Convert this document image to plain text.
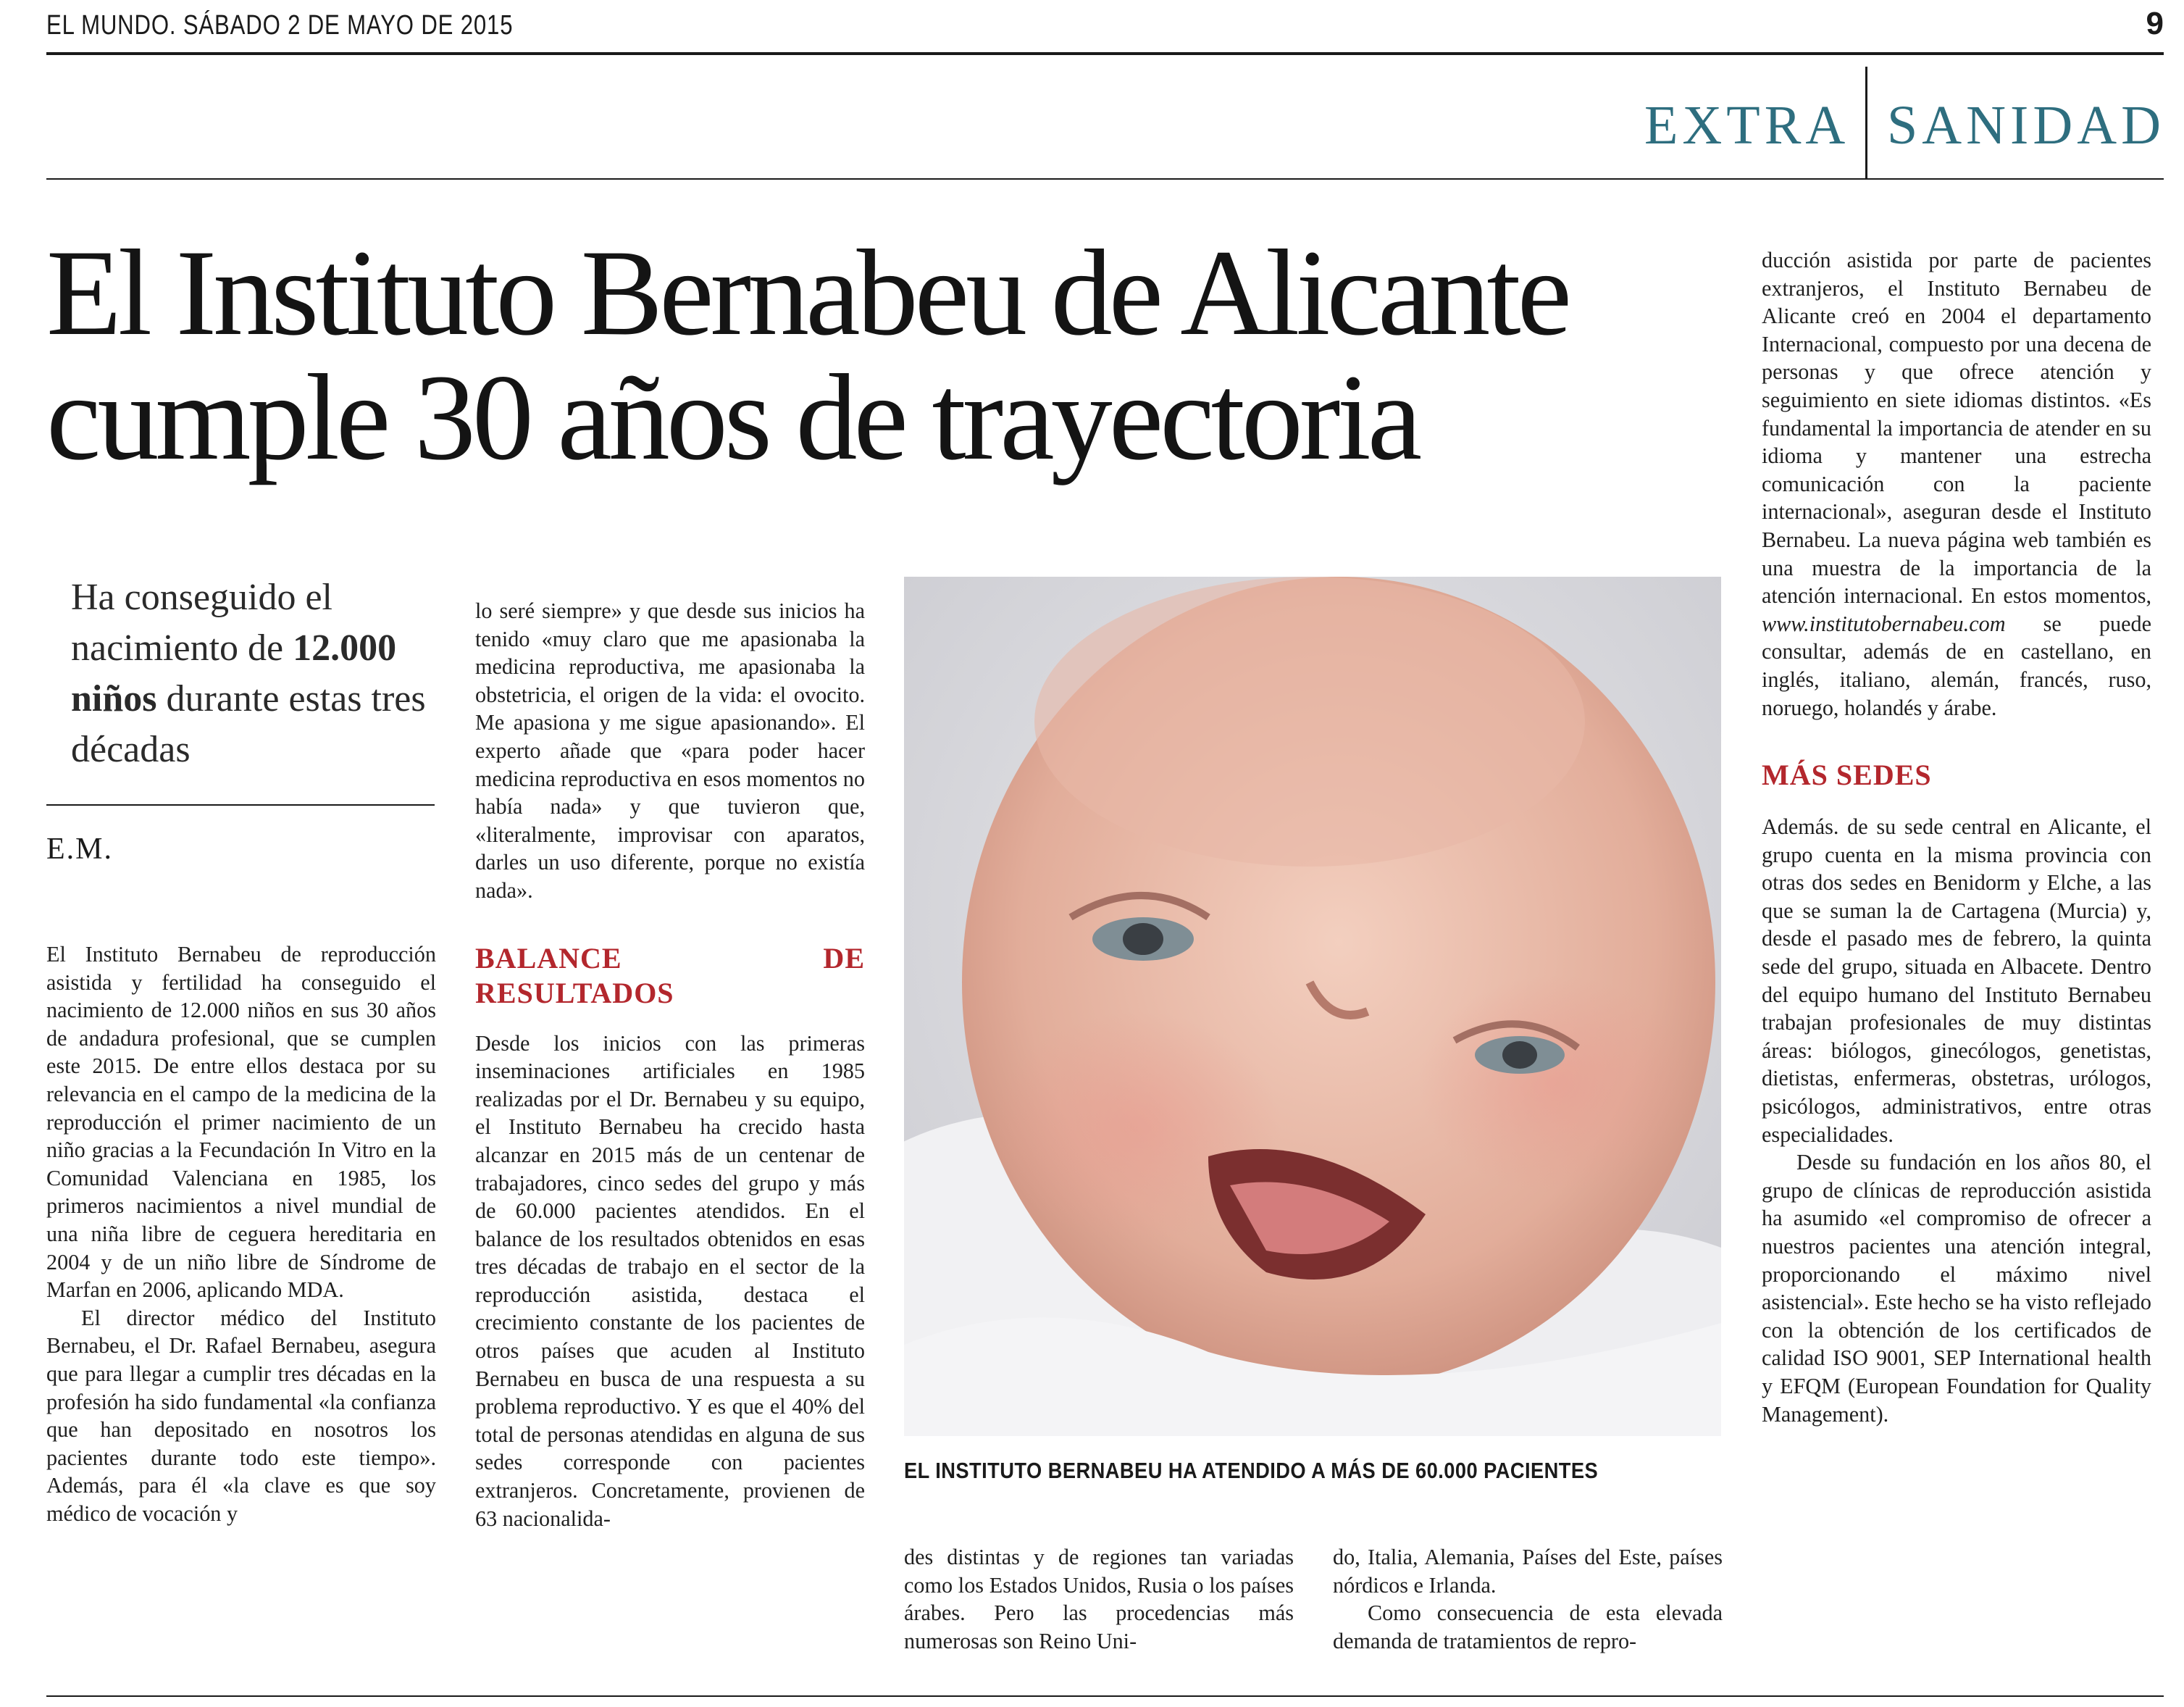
EL MUNDO. SÁBADO 2 DE MAYO DE 2015	9
EXTRA SANIDAD
El Instituto Bernabeu de Alicante
cumple 30 años de trayectoria
Ha conseguido el nacimiento de 12.000 niños durante estas tres décadas
E.M.

El Instituto Bernabeu de reproducción asistida y fertilidad ha conseguido el nacimiento de 12.000 niños en sus 30 años de andadura profesional, que se cumplen este 2015. De entre ellos destaca por su relevancia en el campo de la medicina de la reproducción el primer nacimiento de un niño gracias a la Fecundación In Vitro en la Comunidad Valenciana en 1985, los primeros nacimientos a nivel mundial de una niña libre de ceguera hereditaria en 2004 y de un niño libre de Síndrome de Marfan en 2006, aplicando MDA.

El director médico del Instituto Bernabeu, el Dr. Rafael Bernabeu, asegura que para llegar a cumplir tres décadas en la profesión ha sido fundamental «la confianza que han depositado en nosotros los pacientes durante todo este tiempo». Además, para él «la clave es que soy médico de vocación y

lo seré siempre» y que desde sus inicios ha tenido «muy claro que me apasionaba la medicina reproductiva, me apasionaba la obstetricia, el origen de la vida: el ovocito. Me apasiona y me sigue apasionando». El experto añade que «para poder hacer medicina reproductiva en esos momentos no había nada» y que tuvieron que, «literalmente, improvisar con aparatos, darles un uso diferente, porque no existía nada».

BALANCE DE RESULTADOS

Desde los inicios con las primeras inseminaciones artificiales en 1985 realizadas por el Dr. Bernabeu y su equipo, el Instituto Bernabeu ha crecido hasta alcanzar en 2015 más de un centenar de trabajadores, cinco sedes del grupo y más de 60.000 pacientes atendidos. En el balance de los resultados obtenidos en esas tres décadas de trabajo en el sector de la reproducción asistida, destaca el crecimiento constante de los pacientes de otros países que acuden al Instituto Bernabeu en busca de una respuesta a su problema reproductivo. Y es que el 40% del total de personas atendidas en alguna de sus sedes corresponde con pacientes extranjeros. Concretamente, provienen de 63 nacionalida-

EL INSTITUTO BERNABEU HA ATENDIDO A MÁS DE 60.000 PACIENTES

des distintas y de regiones tan variadas como los Estados Unidos, Rusia o los países árabes. Pero las procedencias más numerosas son Reino Uni-

do, Italia, Alemania, Países del Este, países nórdicos e Irlanda.

Como consecuencia de esta elevada demanda de tratamientos de repro-

ducción asistida por parte de pacientes extranjeros, el Instituto Bernabeu de Alicante creó en 2004 el departamento Internacional, compuesto por una decena de personas y que ofrece atención y seguimiento en siete idiomas distintos. «Es fundamental la importancia de atender en su idioma y mantener una estrecha comunicación con la paciente internacional», aseguran desde el Instituto Bernabeu. La nueva página web también es una muestra de la importancia de la atención internacional. En estos momentos, www.institutobernabeu.com se puede consultar, además de en castellano, en inglés, italiano, alemán, francés, ruso, noruego, holandés y árabe.

MÁS SEDES

Además. de su sede central en Alicante, el grupo cuenta en la misma provincia con otras dos sedes en Benidorm y Elche, a las que se suman la de Cartagena (Murcia) y, desde el pasado mes de febrero, la quinta sede del grupo, situada en Albacete. Dentro del equipo humano del Instituto Bernabeu trabajan profesionales de muy distintas áreas: biólogos, ginecólogos, genetistas, dietistas, enfermeras, obstetras, urólogos, psicólogos, administrativos, entre otras especialidades.

Desde su fundación en los años 80, el grupo de clínicas de reproducción asistida ha asumido «el compromiso de ofrecer a nuestros pacientes una atención integral, proporcionando el máximo nivel asistencial». Este hecho se ha visto reflejado con la obtención de los certificados de calidad ISO 9001, SEP International health y EFQM (European Foundation for Quality Management).
